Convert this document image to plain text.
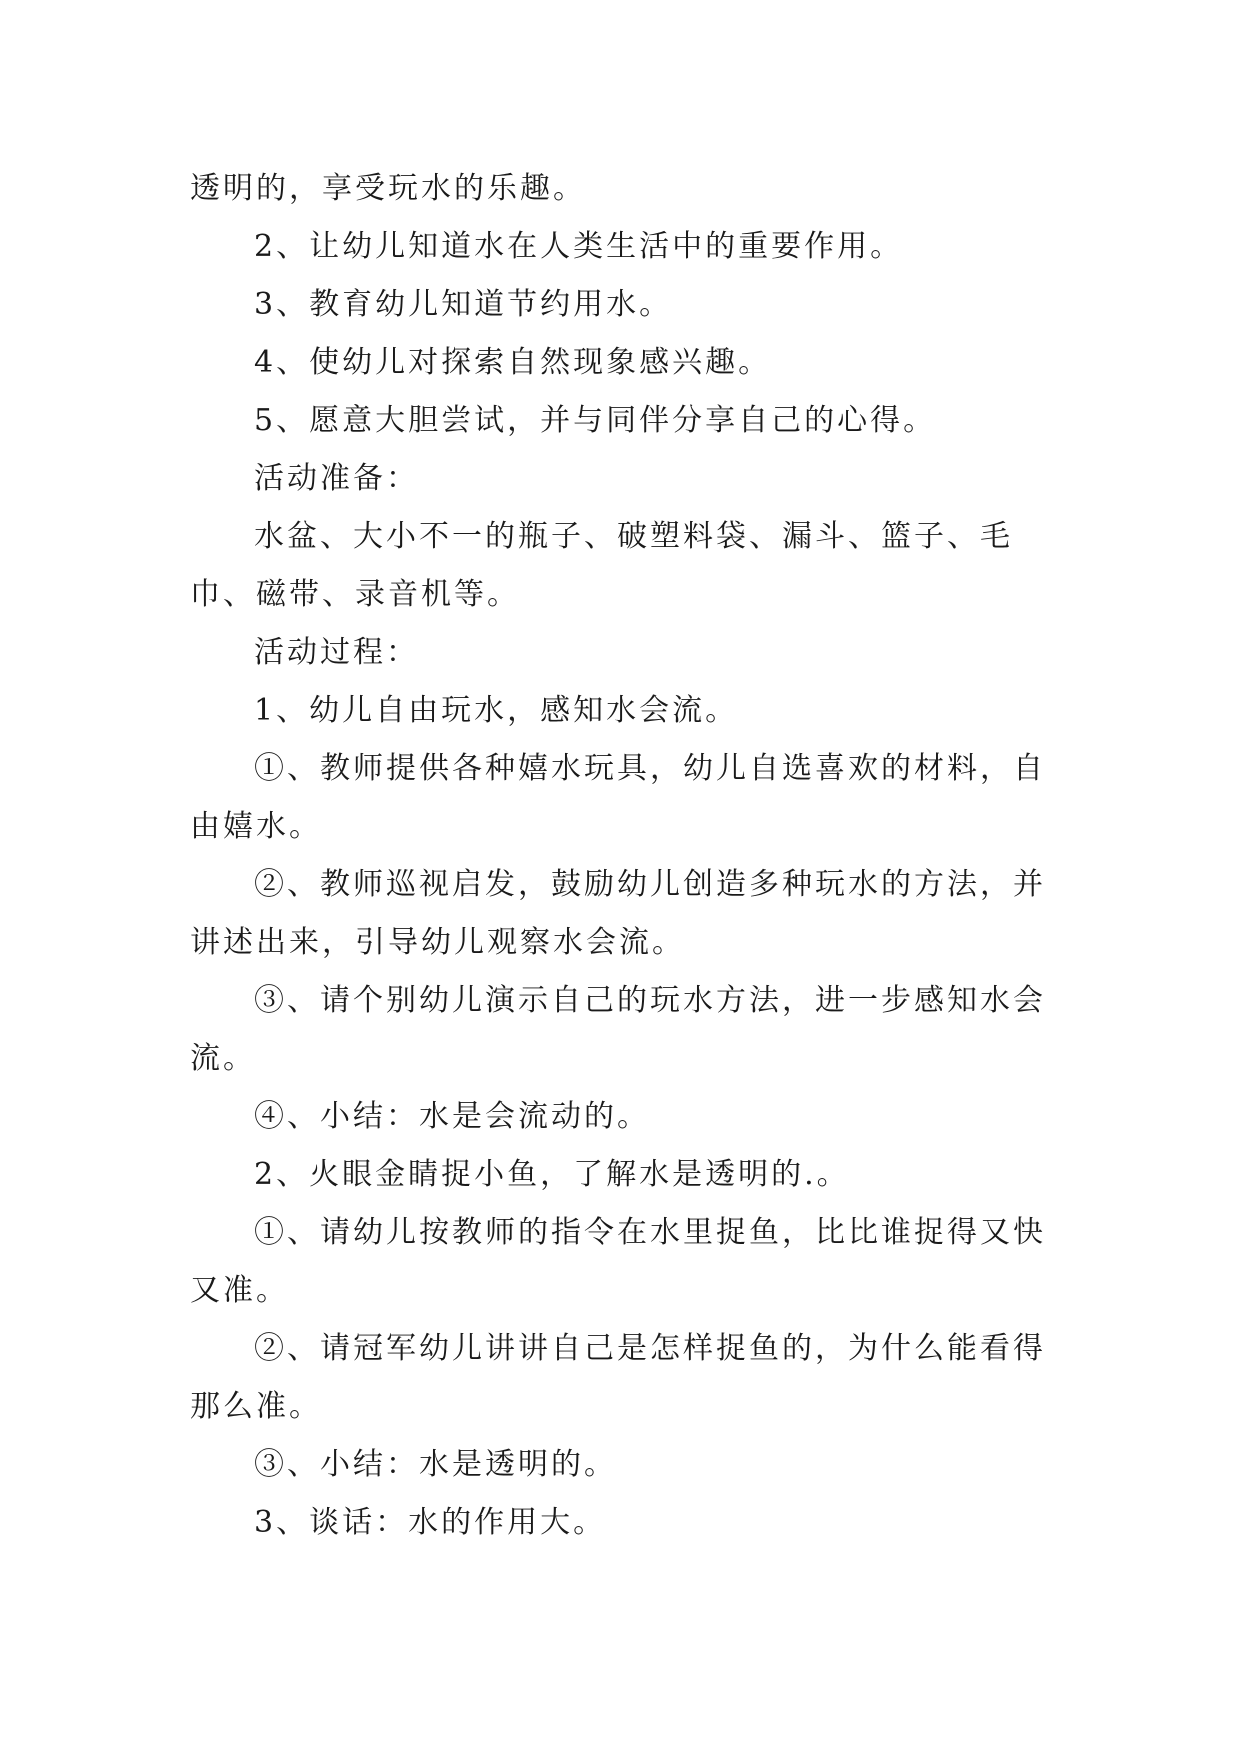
透明的，享受玩水的乐趣。

2、让幼儿知道水在人类生活中的重要作用。

3、教育幼儿知道节约用水。

4、使幼儿对探索自然现象感兴趣。

5、愿意大胆尝试，并与同伴分享自己的心得。

活动准备：

水盆、大小不一的瓶子、破塑料袋、漏斗、篮子、毛巾、磁带、录音机等。

活动过程：

1、幼儿自由玩水，感知水会流。

①、教师提供各种嬉水玩具，幼儿自选喜欢的材料，自由嬉水。

②、教师巡视启发，鼓励幼儿创造多种玩水的方法，并讲述出来，引导幼儿观察水会流。

③、请个别幼儿演示自己的玩水方法，进一步感知水会流。

④、小结：水是会流动的。

2、火眼金睛捉小鱼，了解水是透明的.。

①、请幼儿按教师的指令在水里捉鱼，比比谁捉得又快又准。

②、请冠军幼儿讲讲自己是怎样捉鱼的，为什么能看得那么准。

③、小结：水是透明的。

3、谈话：水的作用大。
